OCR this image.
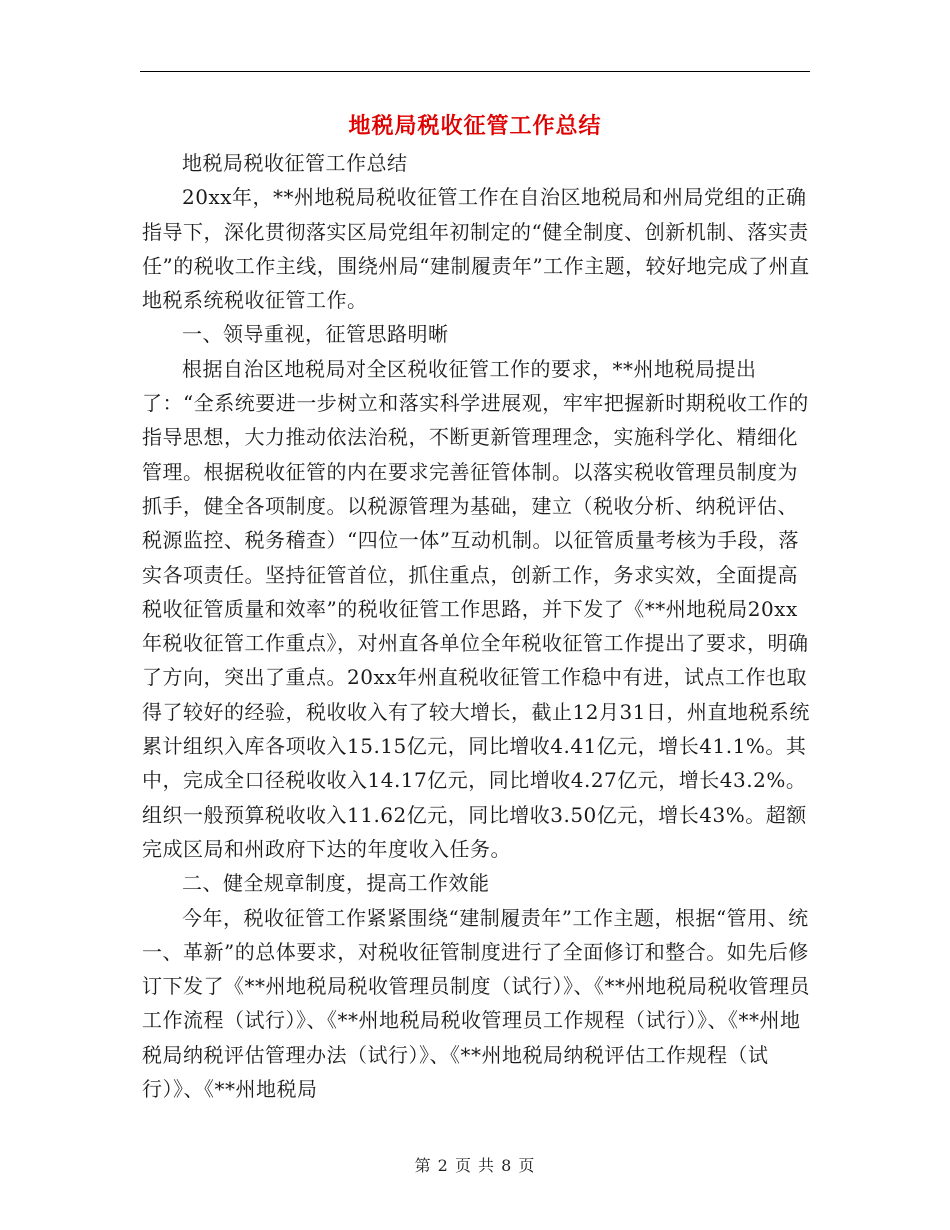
地税局税收征管工作总结

地税局税收征管工作总结

20xx年，**州地税局税收征管工作在自治区地税局和州局党组的正确指导下，深化贯彻落实区局党组年初制定的“健全制度、创新机制、落实责任”的税收工作主线，围绕州局“建制履责年”工作主题，较好地完成了州直地税系统税收征管工作。

一、领导重视，征管思路明晰

根据自治区地税局对全区税收征管工作的要求，**州地税局提出了：“全系统要进一步树立和落实科学进展观，牢牢把握新时期税收工作的指导思想，大力推动依法治税，不断更新管理理念，实施科学化、精细化管理。根据税收征管的内在要求完善征管体制。以落实税收管理员制度为抓手，健全各项制度。以税源管理为基础，建立（税收分析、纳税评估、税源监控、税务稽查）“四位一体”互动机制。以征管质量考核为手段，落实各项责任。坚持征管首位，抓住重点，创新工作，务求实效，全面提高税收征管质量和效率”的税收征管工作思路，并下发了《**州地税局20xx年税收征管工作重点》，对州直各单位全年税收征管工作提出了要求，明确了方向，突出了重点。20xx年州直税收征管工作稳中有进，试点工作也取得了较好的经验，税收收入有了较大增长，截止12月31日，州直地税系统累计组织入库各项收入15.15亿元，同比增收4.41亿元，增长41.1%。其中，完成全口径税收收入14.17亿元，同比增收4.27亿元，增长43.2%。组织一般预算税收收入11.62亿元，同比增收3.50亿元，增长43%。超额完成区局和州政府下达的年度收入任务。

二、健全规章制度，提高工作效能

今年，税收征管工作紧紧围绕“建制履责年”工作主题，根据“管用、统一、革新”的总体要求，对税收征管制度进行了全面修订和整合。如先后修订下发了《**州地税局税收管理员制度（试行）》、《**州地税局税收管理员工作流程（试行）》、《**州地税局税收管理员工作规程（试行）》、《**州地税局纳税评估管理办法（试行）》、《**州地税局纳税评估工作规程（试行）》、《**州地税局

第 2 页 共 8 页
